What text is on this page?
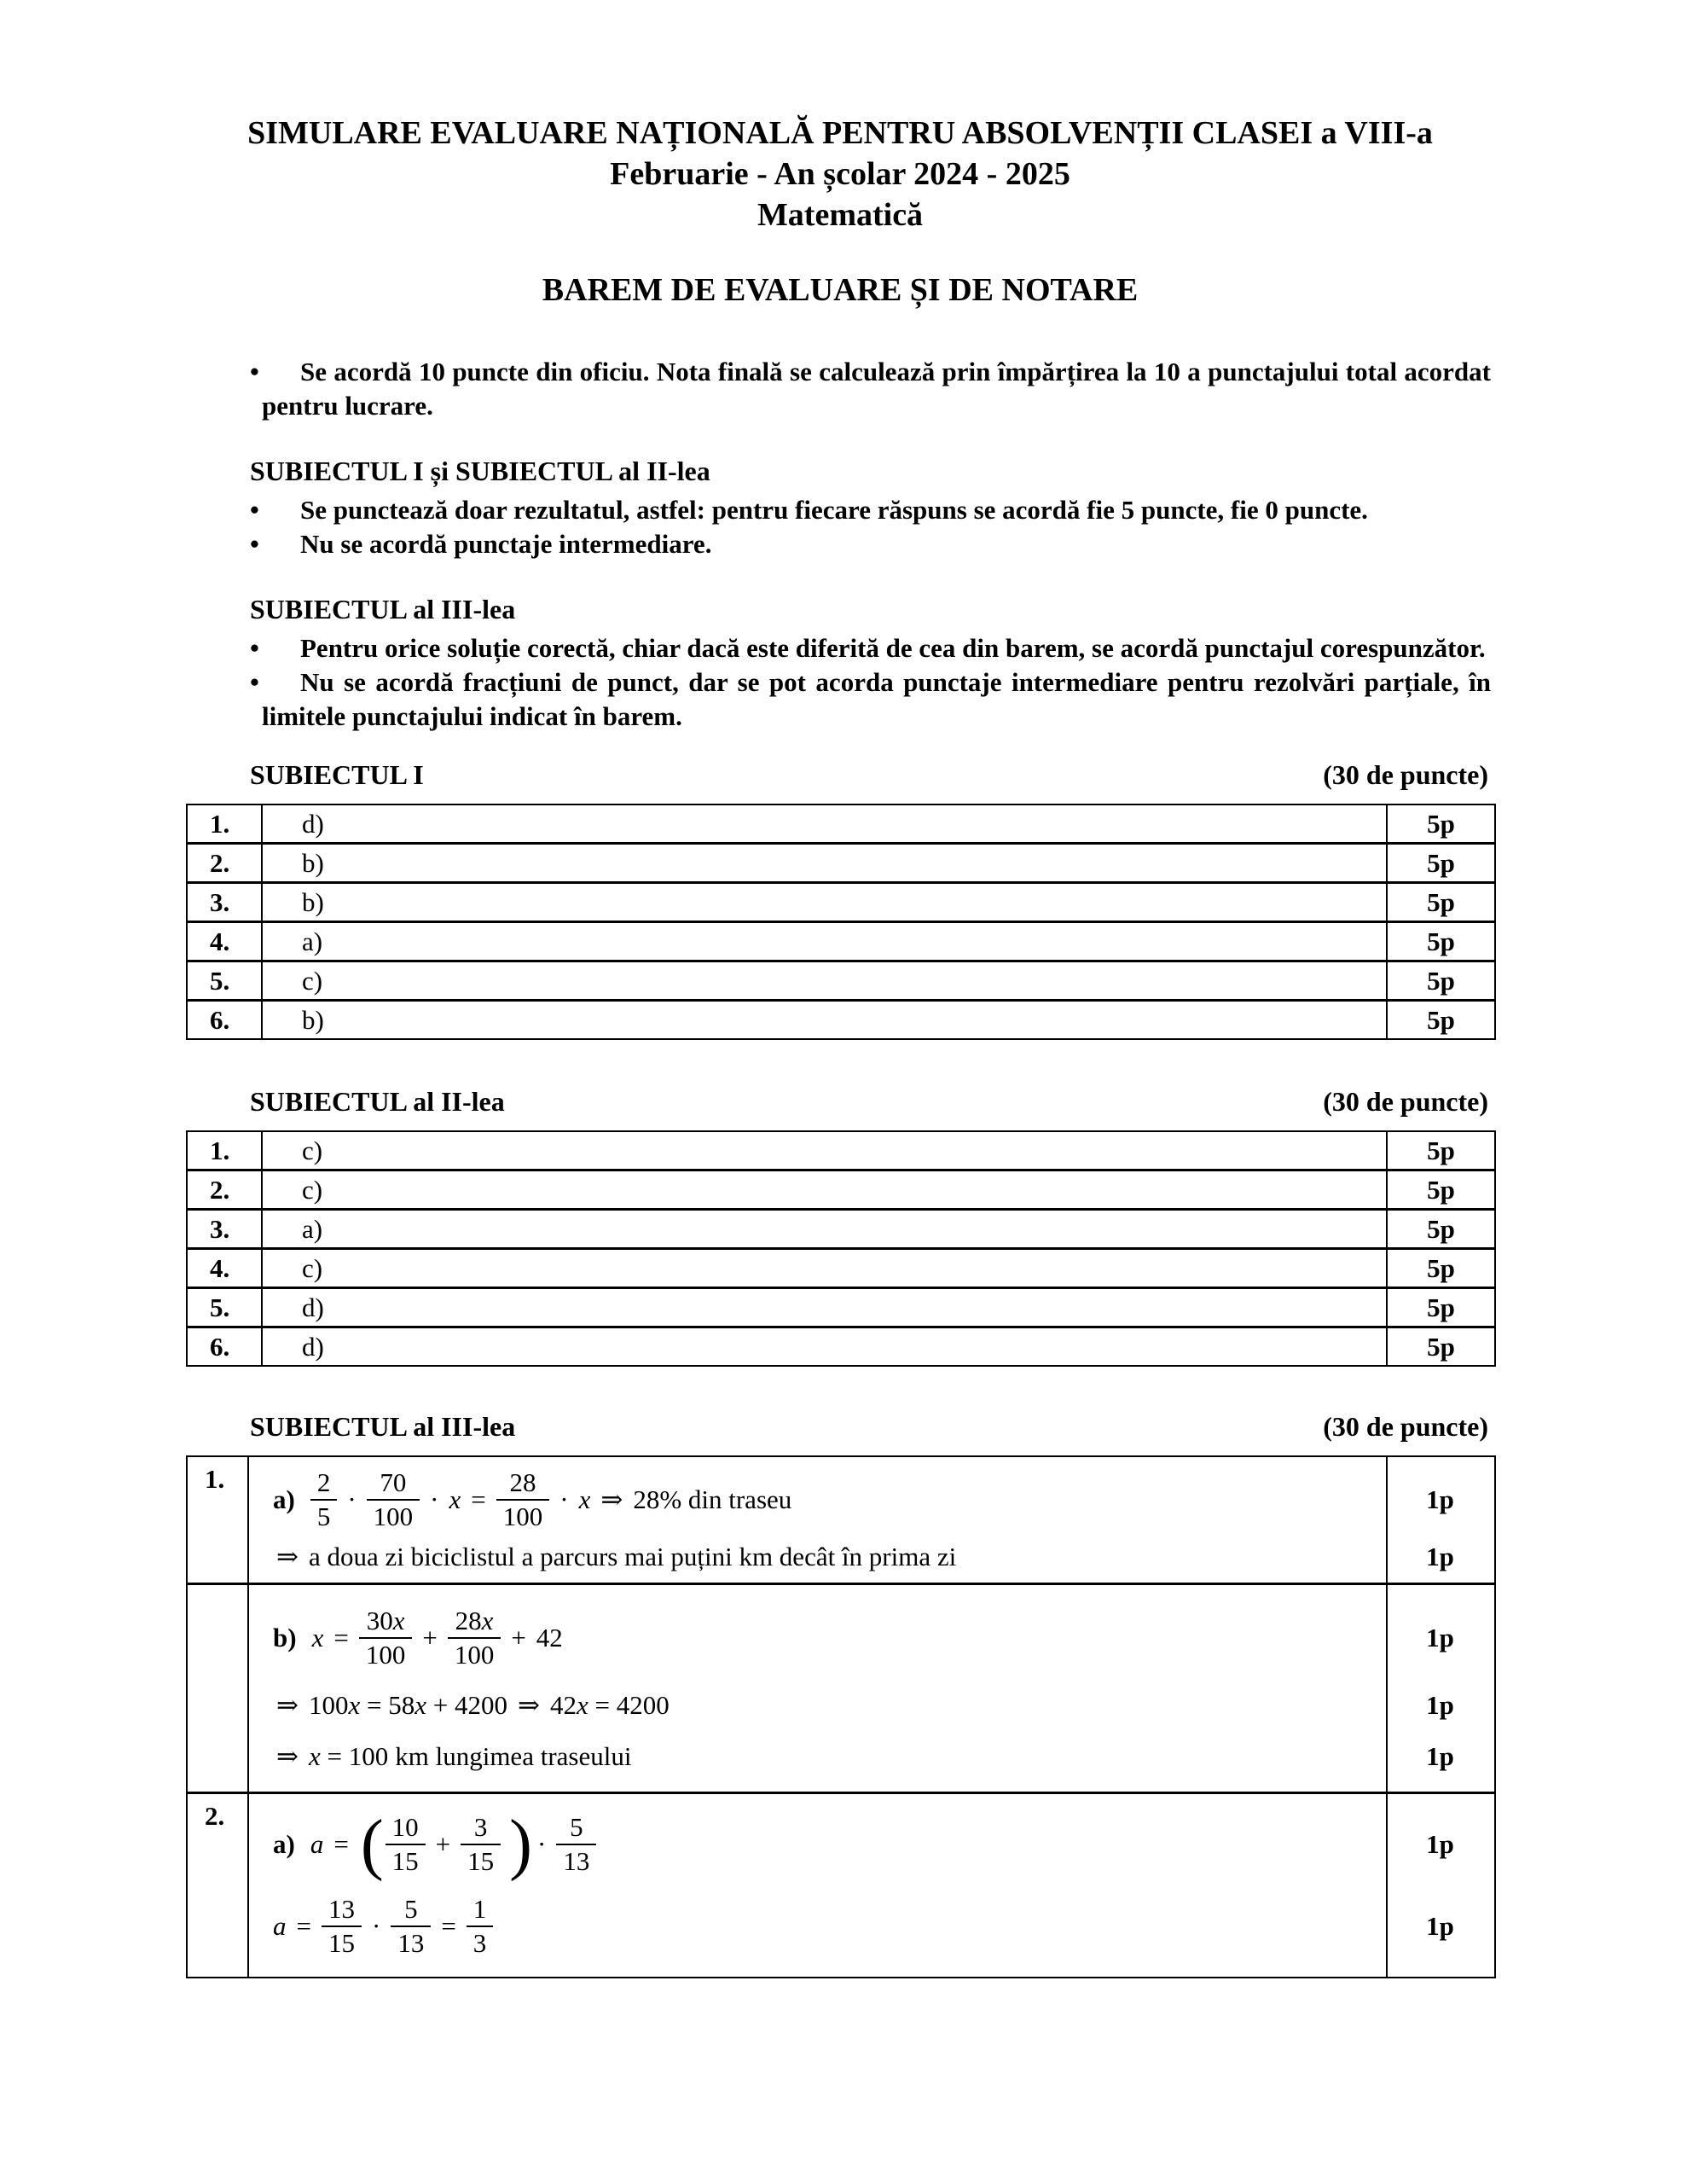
SIMULARE EVALUARE NAȚIONALĂ PENTRU ABSOLVENȚII CLASEI a VIII-a
Februarie - An școlar 2024 - 2025
Matematică
BAREM DE EVALUARE ȘI DE NOTARE

• Se acordă 10 puncte din oficiu. Nota finală se calculează prin împărțirea la 10 a punctajului total acordat pentru lucrare.

SUBIECTUL I și SUBIECTUL al II-lea

• Se punctează doar rezultatul, astfel: pentru fiecare răspuns se acordă fie 5 puncte, fie 0 puncte.

• Nu se acordă punctaje intermediare.

SUBIECTUL al III-lea

• Pentru orice soluție corectă, chiar dacă este diferită de cea din barem, se acordă punctajul corespunzător.

• Nu se acordă fracțiuni de punct, dar se pot acorda punctaje intermediare pentru rezolvări parțiale, în limitele punctajului indicat în barem.

SUBIECTUL I	(30 de puncte)
1.	d)	5p
2.	b)	5p
3.	b)	5p
4.	a)	5p
5.	c)	5p
6.	b)	5p
SUBIECTUL al II-lea	(30 de puncte)
1.	c)	5p
2.	c)	5p
3.	a)	5p
4.	c)	5p
5.	d)	5p
6.	d)	5p
SUBIECTUL al III-lea	(30 de puncte)
1.
$a) \frac{2}{5} \cdot \frac{70}{100} \cdot x = \frac{28}{100} \cdot x$ ⇒ 28% din traseu	1p
⇒ a doua zi biciclistul a parcurs mai puțini km decât în prima zi	1p
b) $x = \frac{30x}{100} + \frac{28x}{100} + 42$	1p
⇒ 100x = 58x + 4200 ⇒ 42x = 4200	1p
⇒ x = 100 km lungimea traseului	1p
2.
a) a = ( $\frac{10}{15} + \frac{3}{15}$ ) · $\frac{5}{13}$	1p
$a = \frac{13}{15} \cdot \frac{5}{13} = \frac{1}{3}$	1p
